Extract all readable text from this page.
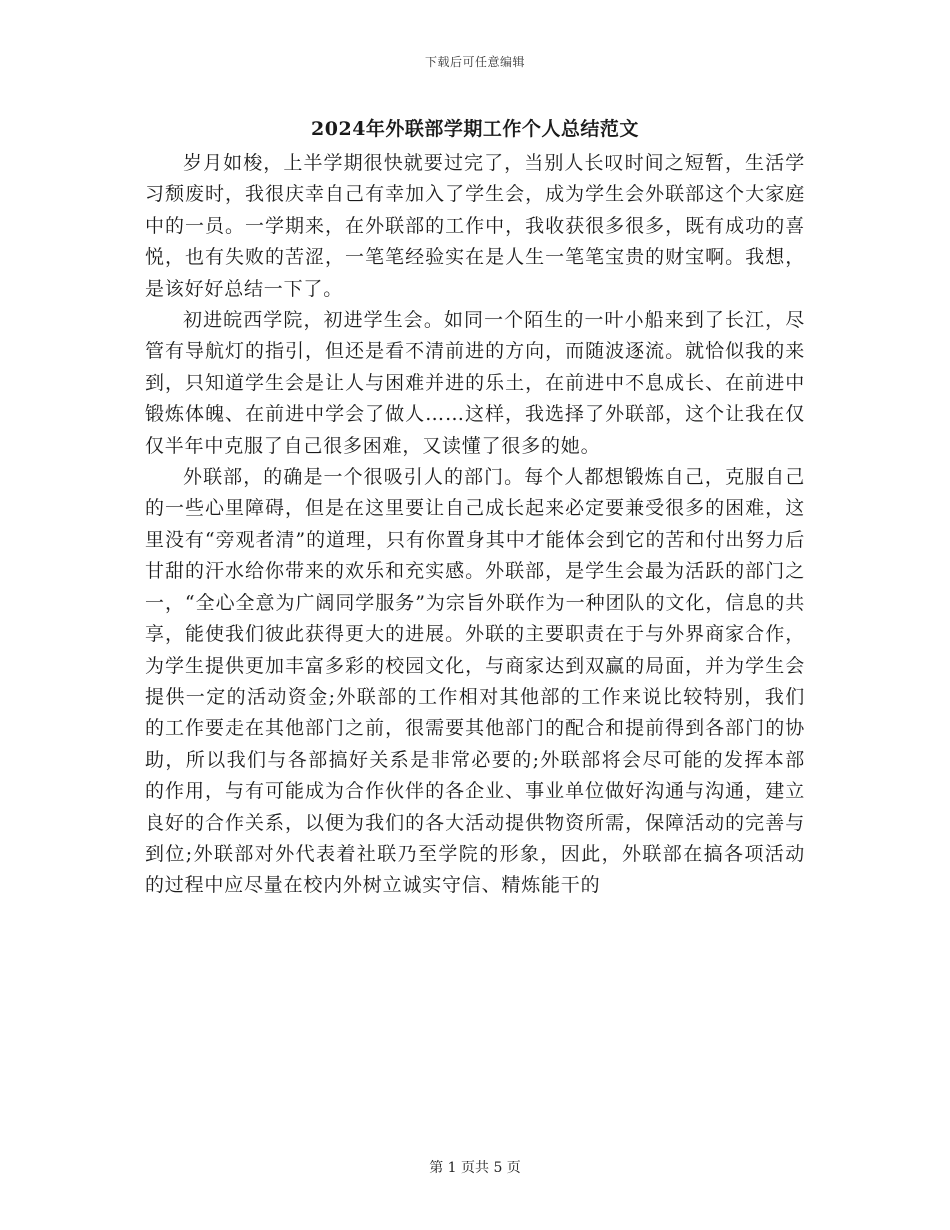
下载后可任意编辑
2024年外联部学期工作个人总结范文

岁月如梭，上半学期很快就要过完了，当别人长叹时间之短暂，生活学习颓废时，我很庆幸自己有幸加入了学生会，成为学生会外联部这个大家庭中的一员。一学期来，在外联部的工作中，我收获很多很多，既有成功的喜悦，也有失败的苦涩，一笔笔经验实在是人生一笔笔宝贵的财宝啊。我想，是该好好总结一下了。

初进皖西学院，初进学生会。如同一个陌生的一叶小船来到了长江，尽管有导航灯的指引，但还是看不清前进的方向，而随波逐流。就恰似我的来到，只知道学生会是让人与困难并进的乐土，在前进中不息成长、在前进中锻炼体魄、在前进中学会了做人……这样，我选择了外联部，这个让我在仅仅半年中克服了自己很多困难，又读懂了很多的她。

外联部，的确是一个很吸引人的部门。每个人都想锻炼自己，克服自己的一些心里障碍，但是在这里要让自己成长起来必定要兼受很多的困难，这里没有“旁观者清”的道理，只有你置身其中才能体会到它的苦和付出努力后甘甜的汗水给你带来的欢乐和充实感。外联部，是学生会最为活跃的部门之一，“全心全意为广阔同学服务”为宗旨外联作为一种团队的文化，信息的共享，能使我们彼此获得更大的进展。外联的主要职责在于与外界商家合作，为学生提供更加丰富多彩的校园文化，与商家达到双赢的局面，并为学生会提供一定的活动资金;外联部的工作相对其他部的工作来说比较特别，我们的工作要走在其他部门之前，很需要其他部门的配合和提前得到各部门的协助，所以我们与各部搞好关系是非常必要的;外联部将会尽可能的发挥本部的作用，与有可能成为合作伙伴的各企业、事业单位做好沟通与沟通，建立良好的合作关系，以便为我们的各大活动提供物资所需，保障活动的完善与到位;外联部对外代表着社联乃至学院的形象，因此，外联部在搞各项活动的过程中应尽量在校内外树立诚实守信、精炼能干的

第 1 页共 5 页
